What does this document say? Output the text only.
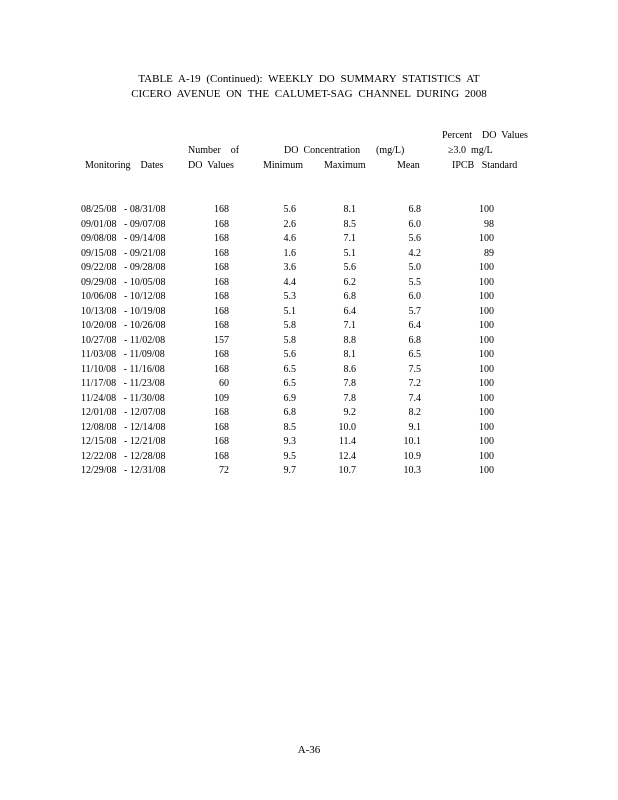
TABLE A-19 (Continued): WEEKLY DO SUMMARY STATISTICS AT
CICERO AVENUE ON THE CALUMET-SAG CHANNEL DURING 2008
Percent    DO  Values
Number    of	DO  Concentration (mg/L)	≥3.0  mg/L
Monitoring    Dates DO  Values	Minimum Maximum	Mean	IPCB   Standard
08/25/08   - 08/31/08	168	5.6	8.1	6.8	100
09/01/08   - 09/07/08	168	2.6	8.5	6.0	98
09/08/08   - 09/14/08	168	4.6	7.1	5.6	100
09/15/08   - 09/21/08	168	1.6	5.1	4.2	89
09/22/08   - 09/28/08	168	3.6	5.6	5.0	100
09/29/08   - 10/05/08	168	4.4	6.2	5.5	100
10/06/08   - 10/12/08	168	5.3	6.8	6.0	100
10/13/08   - 10/19/08	168	5.1	6.4	5.7	100
10/20/08   - 10/26/08	168	5.8	7.1	6.4	100
10/27/08   - 11/02/08	157	5.8	8.8	6.8	100
11/03/08   - 11/09/08	168	5.6	8.1	6.5	100
11/10/08   - 11/16/08	168	6.5	8.6	7.5	100
11/17/08   - 11/23/08	60	6.5	7.8	7.2	100
11/24/08   - 11/30/08	109	6.9	7.8	7.4	100
12/01/08   - 12/07/08	168	6.8	9.2	8.2	100
12/08/08   - 12/14/08	168	8.5	10.0	9.1	100
12/15/08   - 12/21/08	168	9.3	11.4	10.1	100
12/22/08   - 12/28/08	168	9.5	12.4	10.9	100
12/29/08   - 12/31/08	72	9.7	10.7	10.3	100
A-36
